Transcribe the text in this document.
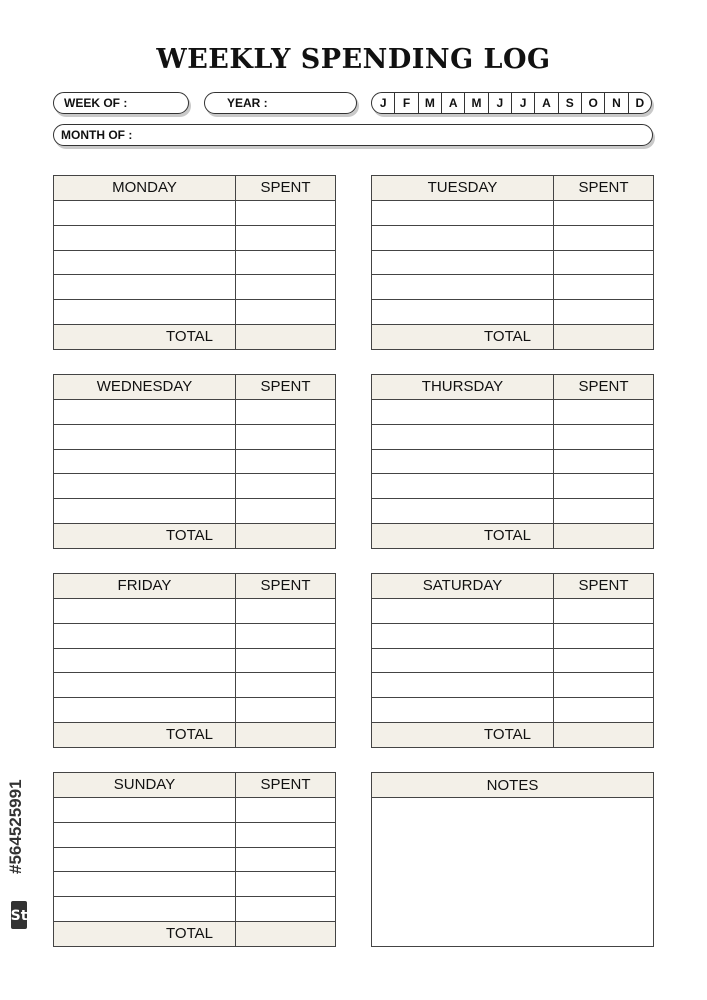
WEEKLY SPENDING LOG
WEEK OF :	YEAR :	J	F	M	A	M	J	J	A	S	O	N	D
MONTH OF :
MONDAY	SPENT
TOTAL
TUESDAY	SPENT
TOTAL
WEDNESDAY	SPENT
TOTAL
THURSDAY	SPENT
TOTAL
FRIDAY	SPENT
TOTAL
SATURDAY	SPENT
TOTAL
SUNDAY	SPENT
TOTAL
NOTES
#564525991
St
